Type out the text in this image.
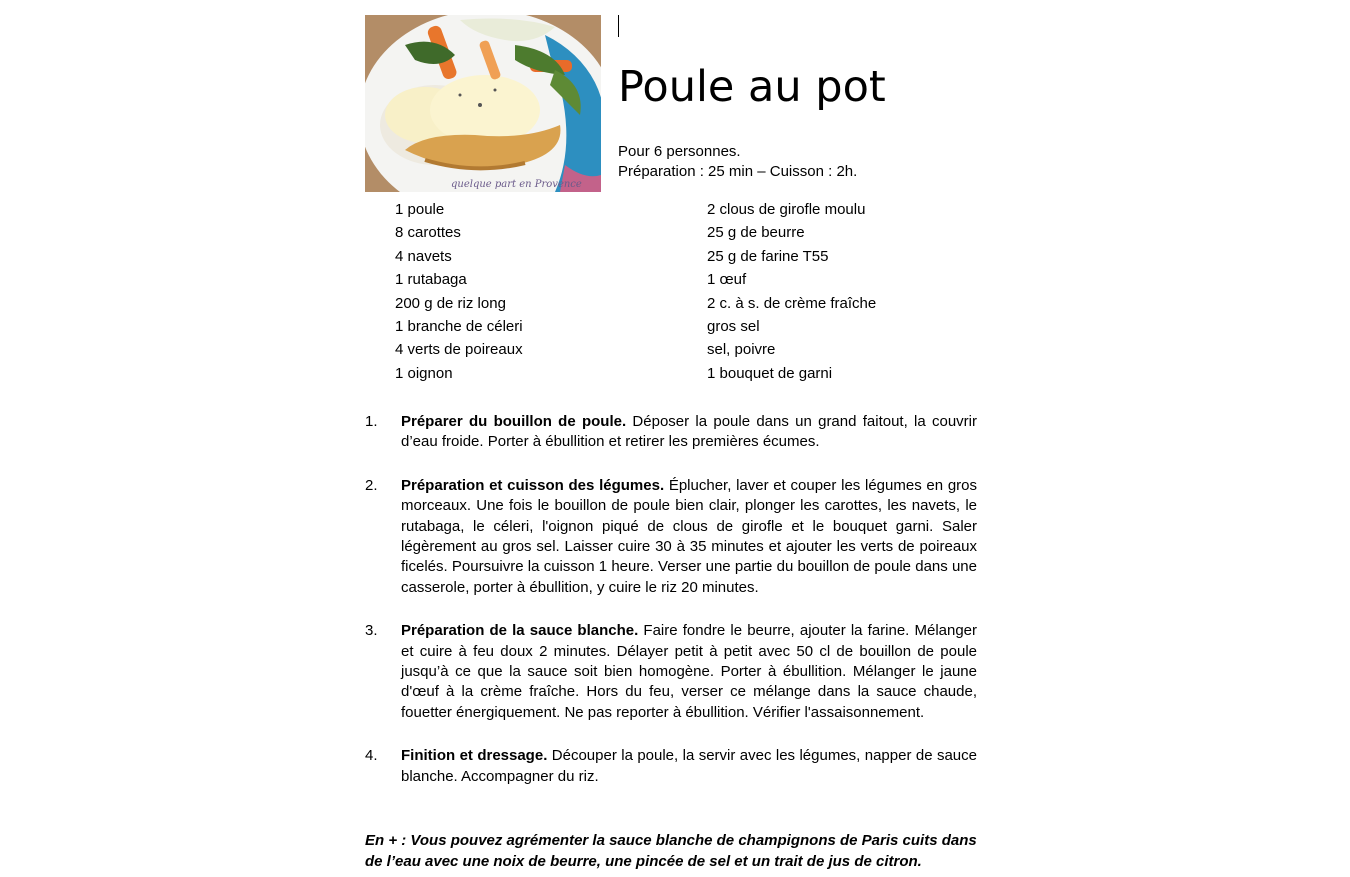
quelque part en Provence
Poule au pot
Pour 6 personnes.
Préparation : 25 min – Cuisson : 2h.
1 poule
8 carottes
4 navets
1 rutabaga
200 g de riz long
1 branche de céleri
4 verts de poireaux
1 oignon
2 clous de girofle moulu
25 g de beurre
25 g de farine T55
1 œuf
2 c. à s. de crème fraîche
gros sel
sel, poivre
1 bouquet de garni
1. Préparer du bouillon de poule. Déposer la poule dans un grand faitout, la couvrir d’eau froide. Porter à ébullition et retirer les premières écumes.
2. Préparation et cuisson des légumes. Éplucher, laver et couper les légumes en gros morceaux. Une fois le bouillon de poule bien clair, plonger les carottes, les navets, le rutabaga, le céleri, l'oignon piqué de clous de girofle et le bouquet garni. Saler légèrement au gros sel. Laisser cuire 30 à 35 minutes et ajouter les verts de poireaux ficelés. Poursuivre la cuisson 1 heure. Verser une partie du bouillon de poule dans une casserole, porter à ébullition, y cuire le riz 20 minutes.
3. Préparation de la sauce blanche. Faire fondre le beurre, ajouter la farine. Mélanger et cuire à feu doux 2 minutes. Délayer petit à petit avec 50 cl de bouillon de poule jusqu’à ce que la sauce soit bien homogène. Porter à ébullition. Mélanger le jaune d'œuf à la crème fraîche. Hors du feu, verser ce mélange dans la sauce chaude, fouetter énergiquement. Ne pas reporter à ébullition. Vérifier l'assaisonnement.
4. Finition et dressage. Découper la poule, la servir avec les légumes, napper de sauce blanche. Accompagner du riz.
En + : Vous pouvez agrémenter la sauce blanche de champignons de Paris cuits dans de l’eau avec une noix de beurre, une pincée de sel et un trait de jus de citron.
